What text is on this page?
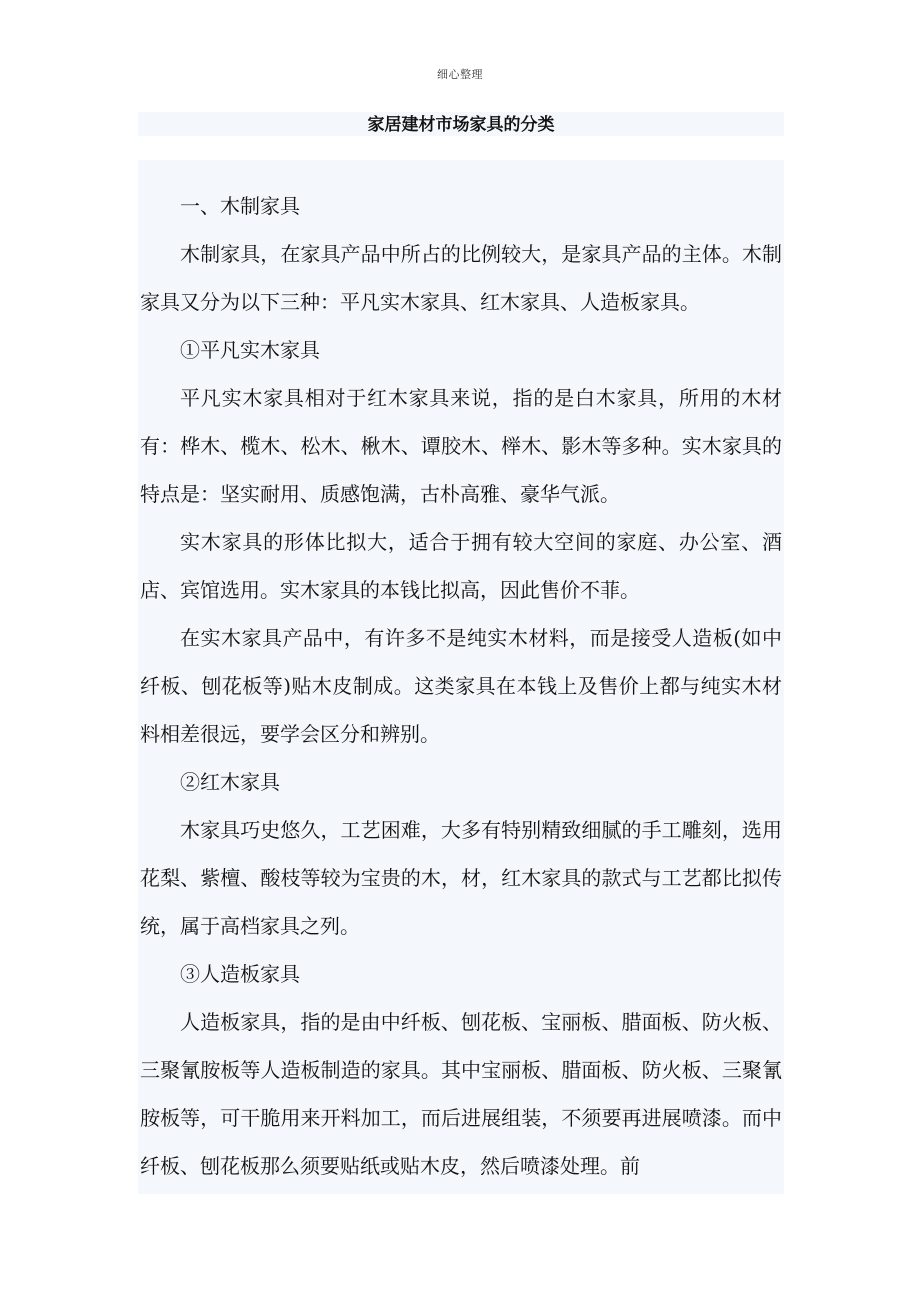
细心整理
家居建材市场家具的分类

一、木制家具

木制家具，在家具产品中所占的比例较大，是家具产品的主体。木制家具又分为以下三种：平凡实木家具、红木家具、人造板家具。

①平凡实木家具

平凡实木家具相对于红木家具来说，指的是白木家具，所用的木材有：桦木、榄木、松木、楸木、谭胶木、榉木、影木等多种。实木家具的特点是：坚实耐用、质感饱满，古朴高雅、豪华气派。

实木家具的形体比拟大，适合于拥有较大空间的家庭、办公室、酒店、宾馆选用。实木家具的本钱比拟高，因此售价不菲。

在实木家具产品中，有许多不是纯实木材料，而是接受人造板(如中纤板、刨花板等)贴木皮制成。这类家具在本钱上及售价上都与纯实木材料相差很远，要学会区分和辨别。

②红木家具

木家具巧史悠久，工艺困难，大多有特别精致细腻的手工雕刻，选用花梨、紫檀、酸枝等较为宝贵的木，材，红木家具的款式与工艺都比拟传统，属于高档家具之列。

③人造板家具

人造板家具，指的是由中纤板、刨花板、宝丽板、腊面板、防火板、三聚氰胺板等人造板制造的家具。其中宝丽板、腊面板、防火板、三聚氰胺板等，可干脆用来开料加工，而后进展组装，不须要再进展喷漆。而中纤板、刨花板那么须要贴纸或贴木皮，然后喷漆处理。前
